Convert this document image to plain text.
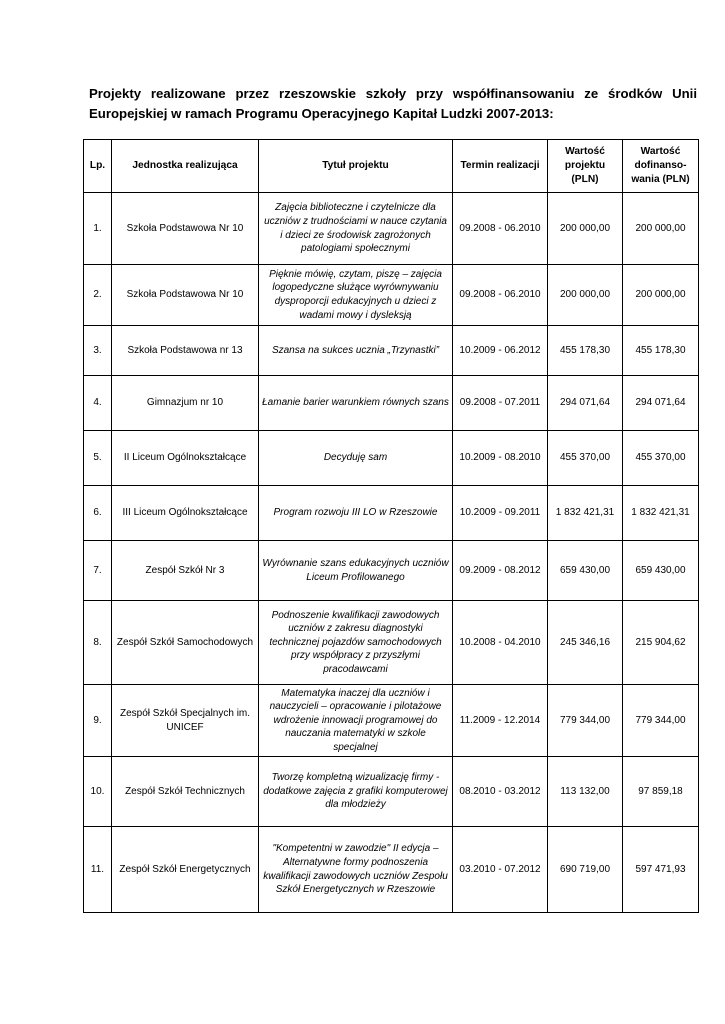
Projekty realizowane przez rzeszowskie szkoły przy współfinansowaniu ze środków Unii Europejskiej w ramach Programu Operacyjnego Kapitał Ludzki 2007-2013:
Lp.	Jednostka realizująca	Tytuł projektu	Termin realizacji	Wartość projektu (PLN)	Wartość dofinanso-wania (PLN)
1.	Szkoła Podstawowa Nr 10	Zajęcia biblioteczne i czytelnicze dla uczniów z trudnościami w nauce czytania i dzieci ze środowisk zagrożonych patologiami społecznymi	09.2008 - 06.2010	200 000,00	200 000,00
2.	Szkoła Podstawowa Nr 10	Pięknie mówię, czytam, piszę – zajęcia logopedyczne służące wyrównywaniu dysproporcji edukacyjnych u dzieci z wadami mowy i dysleksją	09.2008 - 06.2010	200 000,00	200 000,00
3.	Szkoła Podstawowa nr 13	Szansa na sukces ucznia „Trzynastki”	10.2009 - 06.2012	455 178,30	455 178,30
4.	Gimnazjum nr 10	Łamanie barier warunkiem równych szans	09.2008 - 07.2011	294 071,64	294 071,64
5.	II Liceum Ogólnokształcące	Decyduję sam	10.2009 - 08.2010	455 370,00	455 370,00
6.	III Liceum Ogólnokształcące	Program rozwoju III LO w Rzeszowie	10.2009 - 09.2011	1 832 421,31	1 832 421,31
7.	Zespół Szkół Nr 3	Wyrównanie szans edukacyjnych uczniów Liceum Profilowanego	09.2009 - 08.2012	659 430,00	659 430,00
8.	Zespół Szkół Samochodowych	Podnoszenie kwalifikacji zawodowych uczniów z zakresu diagnostyki technicznej pojazdów samochodowych przy współpracy z przyszłymi pracodawcami	10.2008 - 04.2010	245 346,16	215 904,62
9.	Zespół Szkół Specjalnych im. UNICEF	Matematyka inaczej dla uczniów i nauczycieli – opracowanie i pilotażowe wdrożenie innowacji programowej do nauczania matematyki w szkole specjalnej	11.2009 - 12.2014	779 344,00	779 344,00
10.	Zespół Szkół Technicznych	Tworzę kompletną wizualizację firmy - dodatkowe zajęcia z grafiki komputerowej dla młodzieży	08.2010 - 03.2012	113 132,00	97 859,18
11.	Zespół Szkół Energetycznych	"Kompetentni w zawodzie" II edycja – Alternatywne formy podnoszenia kwalifikacji zawodowych uczniów Zespołu Szkół Energetycznych w Rzeszowie	03.2010 - 07.2012	690 719,00	597 471,93
